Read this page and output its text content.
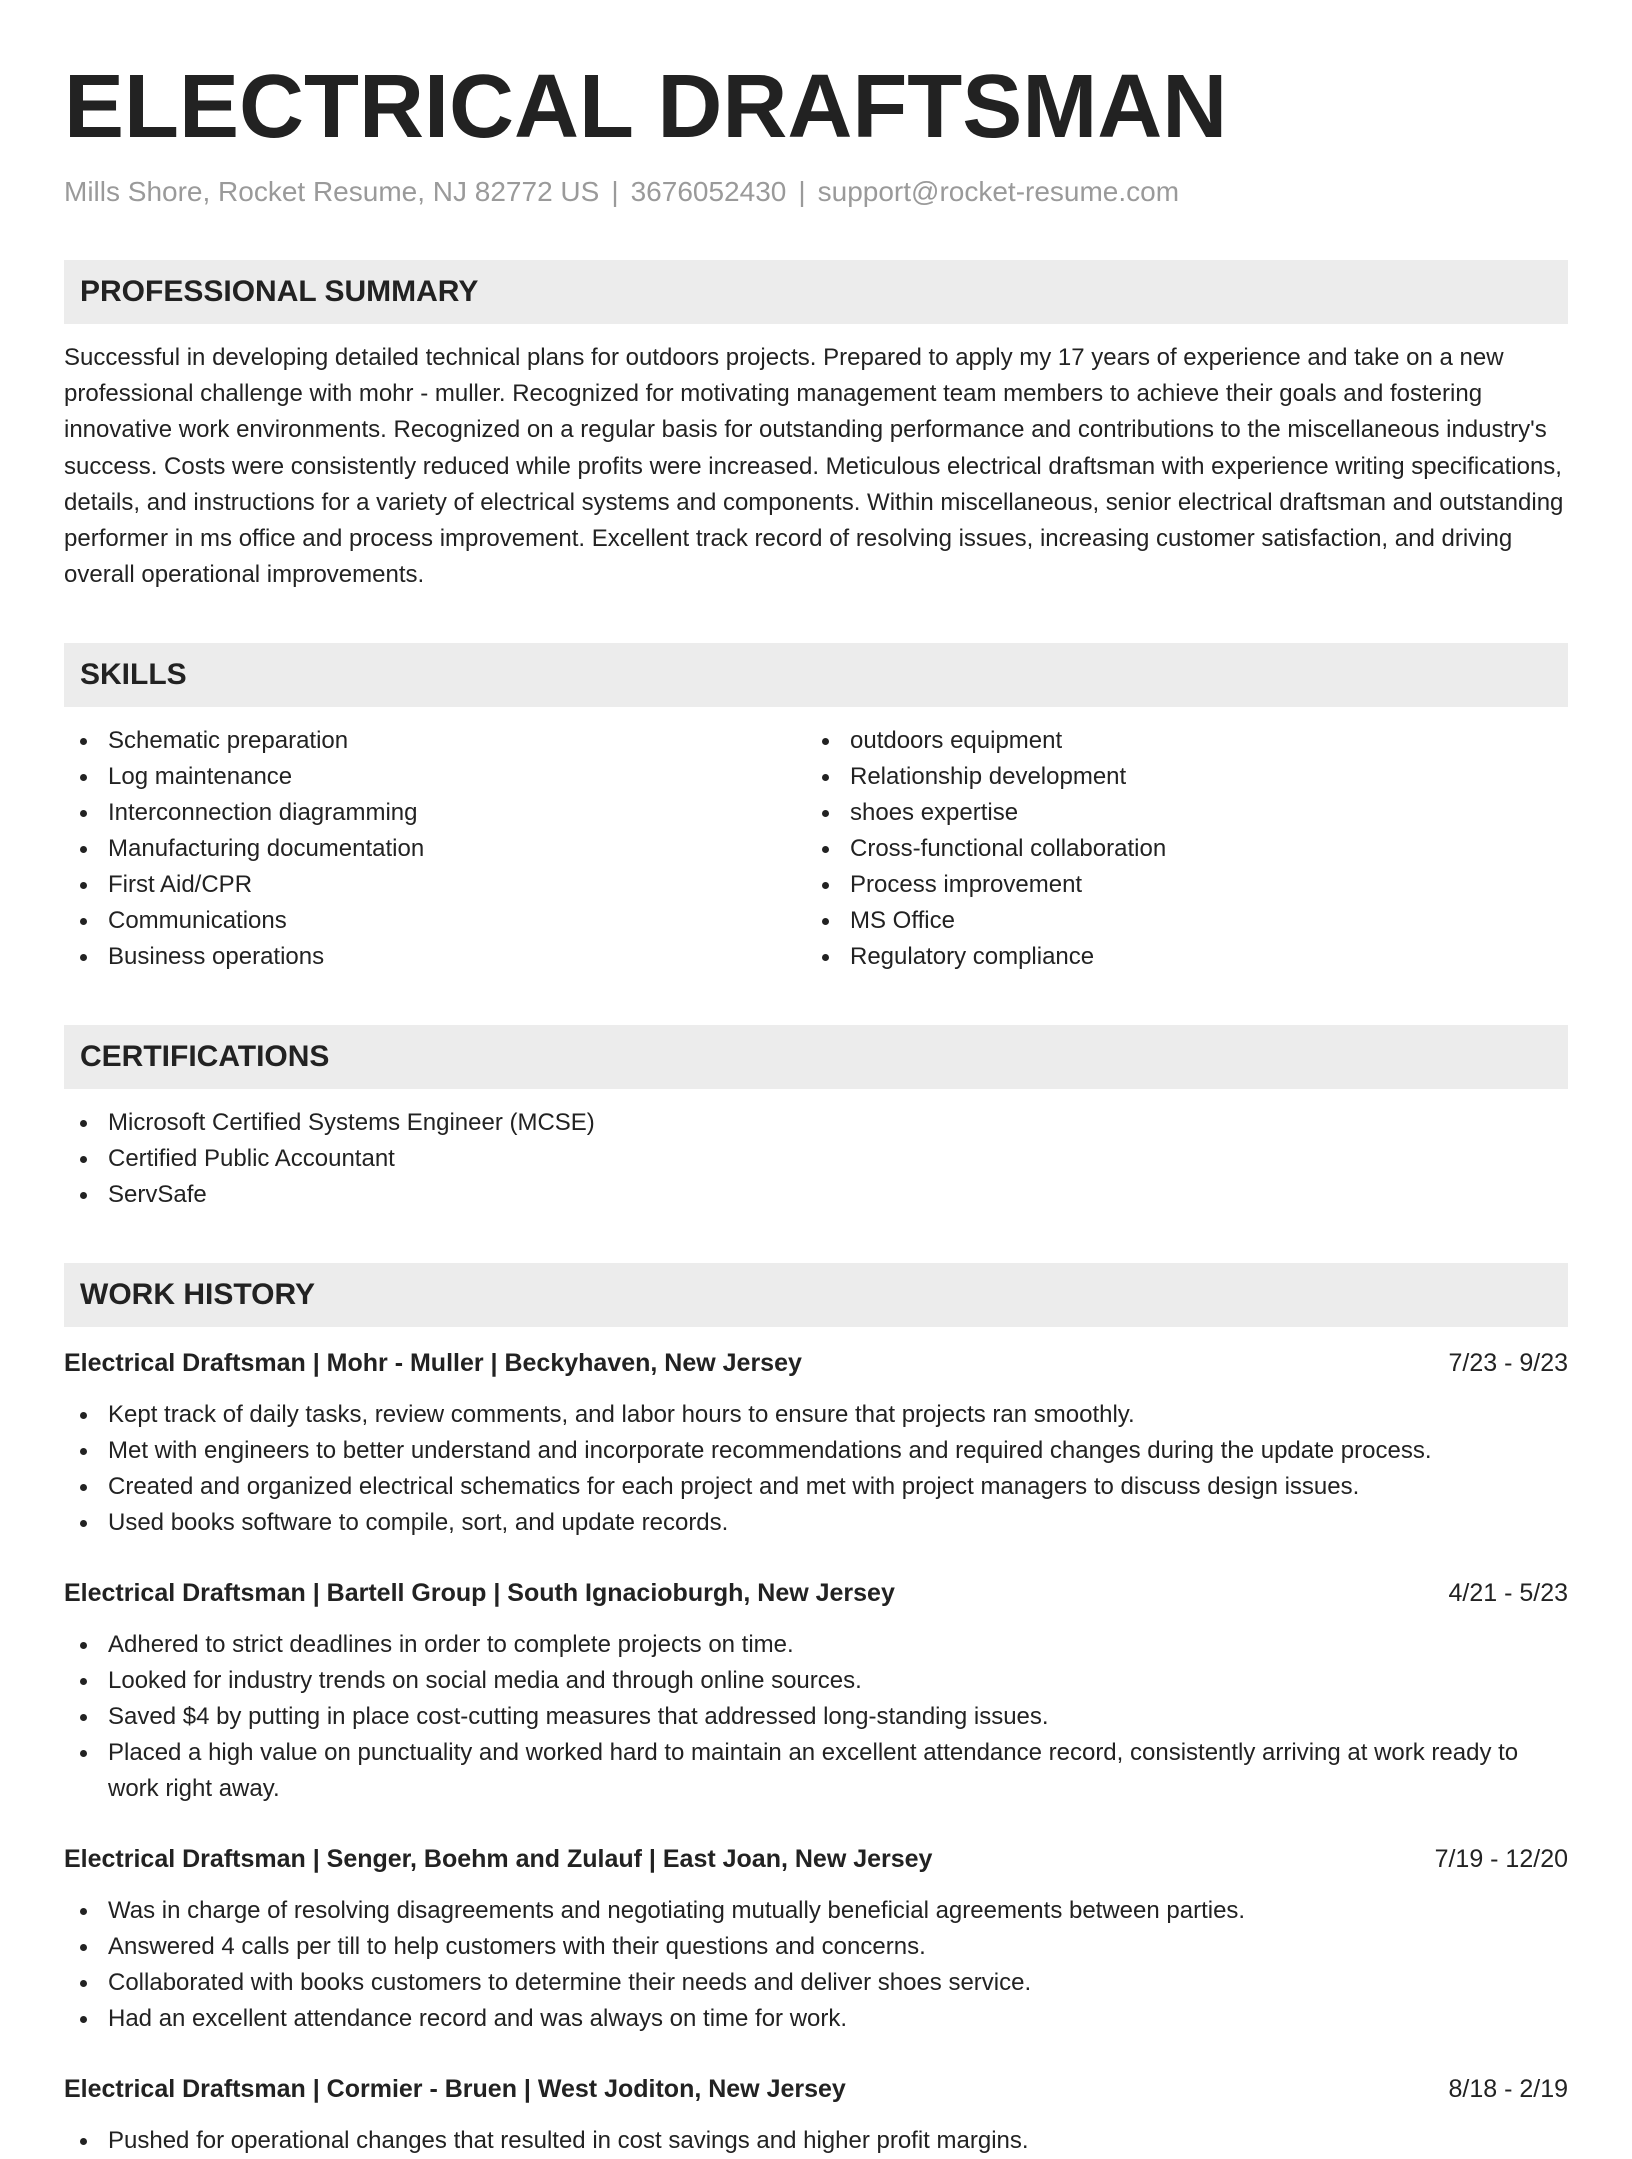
ELECTRICAL DRAFTSMAN
Mills Shore, Rocket Resume, NJ 82772 US | 3676052430 | support@rocket-resume.com
PROFESSIONAL SUMMARY
Successful in developing detailed technical plans for outdoors projects. Prepared to apply my 17 years of experience and take on a new professional challenge with mohr - muller. Recognized for motivating management team members to achieve their goals and fostering innovative work environments. Recognized on a regular basis for outstanding performance and contributions to the miscellaneous industry's success. Costs were consistently reduced while profits were increased. Meticulous electrical draftsman with experience writing specifications, details, and instructions for a variety of electrical systems and components. Within miscellaneous, senior electrical draftsman and outstanding performer in ms office and process improvement. Excellent track record of resolving issues, increasing customer satisfaction, and driving overall operational improvements.
SKILLS
Schematic preparation
Log maintenance
Interconnection diagramming
Manufacturing documentation
First Aid/CPR
Communications
Business operations
outdoors equipment
Relationship development
shoes expertise
Cross-functional collaboration
Process improvement
MS Office
Regulatory compliance
CERTIFICATIONS
Microsoft Certified Systems Engineer (MCSE)
Certified Public Accountant
ServSafe
WORK HISTORY
Electrical Draftsman | Mohr - Muller | Beckyhaven, New Jersey	7/23 - 9/23
Kept track of daily tasks, review comments, and labor hours to ensure that projects ran smoothly.
Met with engineers to better understand and incorporate recommendations and required changes during the update process.
Created and organized electrical schematics for each project and met with project managers to discuss design issues.
Used books software to compile, sort, and update records.
Electrical Draftsman | Bartell Group | South Ignacioburgh, New Jersey	4/21 - 5/23
Adhered to strict deadlines in order to complete projects on time.
Looked for industry trends on social media and through online sources.
Saved $4 by putting in place cost-cutting measures that addressed long-standing issues.
Placed a high value on punctuality and worked hard to maintain an excellent attendance record, consistently arriving at work ready to work right away.
Electrical Draftsman | Senger, Boehm and Zulauf | East Joan, New Jersey	7/19 - 12/20
Was in charge of resolving disagreements and negotiating mutually beneficial agreements between parties.
Answered 4 calls per till to help customers with their questions and concerns.
Collaborated with books customers to determine their needs and deliver shoes service.
Had an excellent attendance record and was always on time for work.
Electrical Draftsman | Cormier - Bruen | West Joditon, New Jersey	8/18 - 2/19
Pushed for operational changes that resulted in cost savings and higher profit margins.
